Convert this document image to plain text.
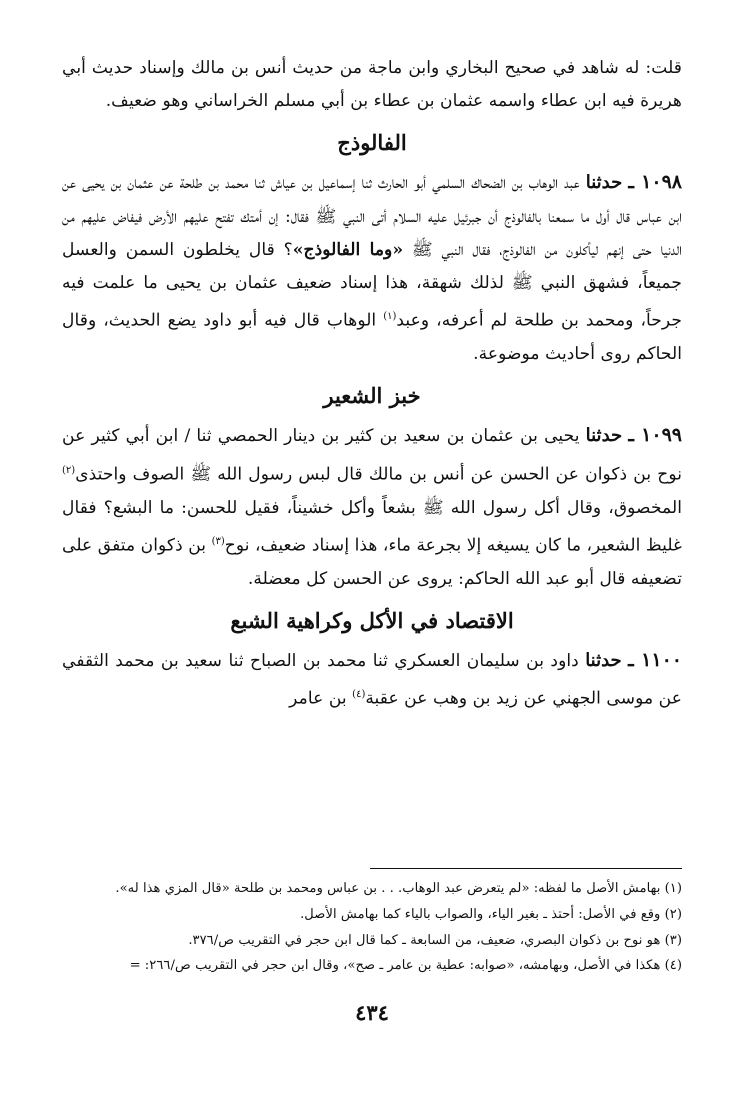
قلت: له شاهد في صحيح البخاري وابن ماجة من حديث أنس بن مالك وإسناد حديث أبي هريرة فيه ابن عطاء واسمه عثمان بن عطاء بن أبي مسلم الخراساني وهو ضعيف.

الفالوذج

١٠٩٨ ـ حدثنا عبد الوهاب بن الضحاك السلمي أبو الحارث ثنا إسماعيل بن عياش ثنا محمد بن طلحة عن عثمان بن يحيى عن ابن عباس قال أول ما سمعنا بالفالوذج أن جبرئيل عليه السلام أتى النبي ﷺ فقال: إن أمتك تفتح عليهم الأرض فيفاض عليهم من الدنيا حتى إنهم ليأكلون من الفالوذج، فقال النبي ﷺ «وما الفالوذج»؟ قال يخلطون السمن والعسل جميعاً، فشهق النبي ﷺ لذلك شهقة، هذا إسناد ضعيف عثمان بن يحيى ما علمت فيه جرحاً، ومحمد بن طلحة لم أعرفه، وعبد$^{(١)}$ الوهاب قال فيه أبو داود يضع الحديث، وقال الحاكم روى أحاديث موضوعة.

خبز الشعير

١٠٩٩ ـ حدثنا يحيى بن عثمان بن سعيد بن كثير بن دينار الحمصي ثنا / ابن أبي كثير عن نوح بن ذكوان عن الحسن عن أنس بن مالك قال لبس رسول الله ﷺ الصوف واحتذى$^{(٢)}$ المخصوق، وقال أكل رسول الله ﷺ بشعاً وأكل خشيناً، فقيل للحسن: ما البشع؟ فقال غليظ الشعير، ما كان يسيغه إلا بجرعة ماء، هذا إسناد ضعيف، نوح$^{(٣)}$ بن ذكوان متفق على تضعيفه قال أبو عبد الله الحاكم: يروى عن الحسن كل معضلة.

الاقتصاد في الأكل وكراهية الشبع

١١٠٠ ـ حدثنا داود بن سليمان العسكري ثنا محمد بن الصباح ثنا سعيد بن محمد الثقفي عن موسى الجهني عن زيد بن وهب عن عقبة$^{(٤)}$ بن عامر

(١) بهامش الأصل ما لفظه: «لم يتعرض عبد الوهاب. . . بن عباس ومحمد بن طلحة «قال المزي هذا له».

(٢) وقع في الأصل: أحتذ ـ بغير الياء، والصواب بالياء كما بهامش الأصل.

(٣) هو نوح بن ذكوان البصري، ضعيف، من السابعة ـ كما قال ابن حجر في التقريب ص/٣٧٦.

(٤) هكذا في الأصل، وبهامشه، «صوابه: عطية بن عامر ـ صح»، وقال ابن حجر في التقريب ص/٢٦٦: =

٤٣٤
